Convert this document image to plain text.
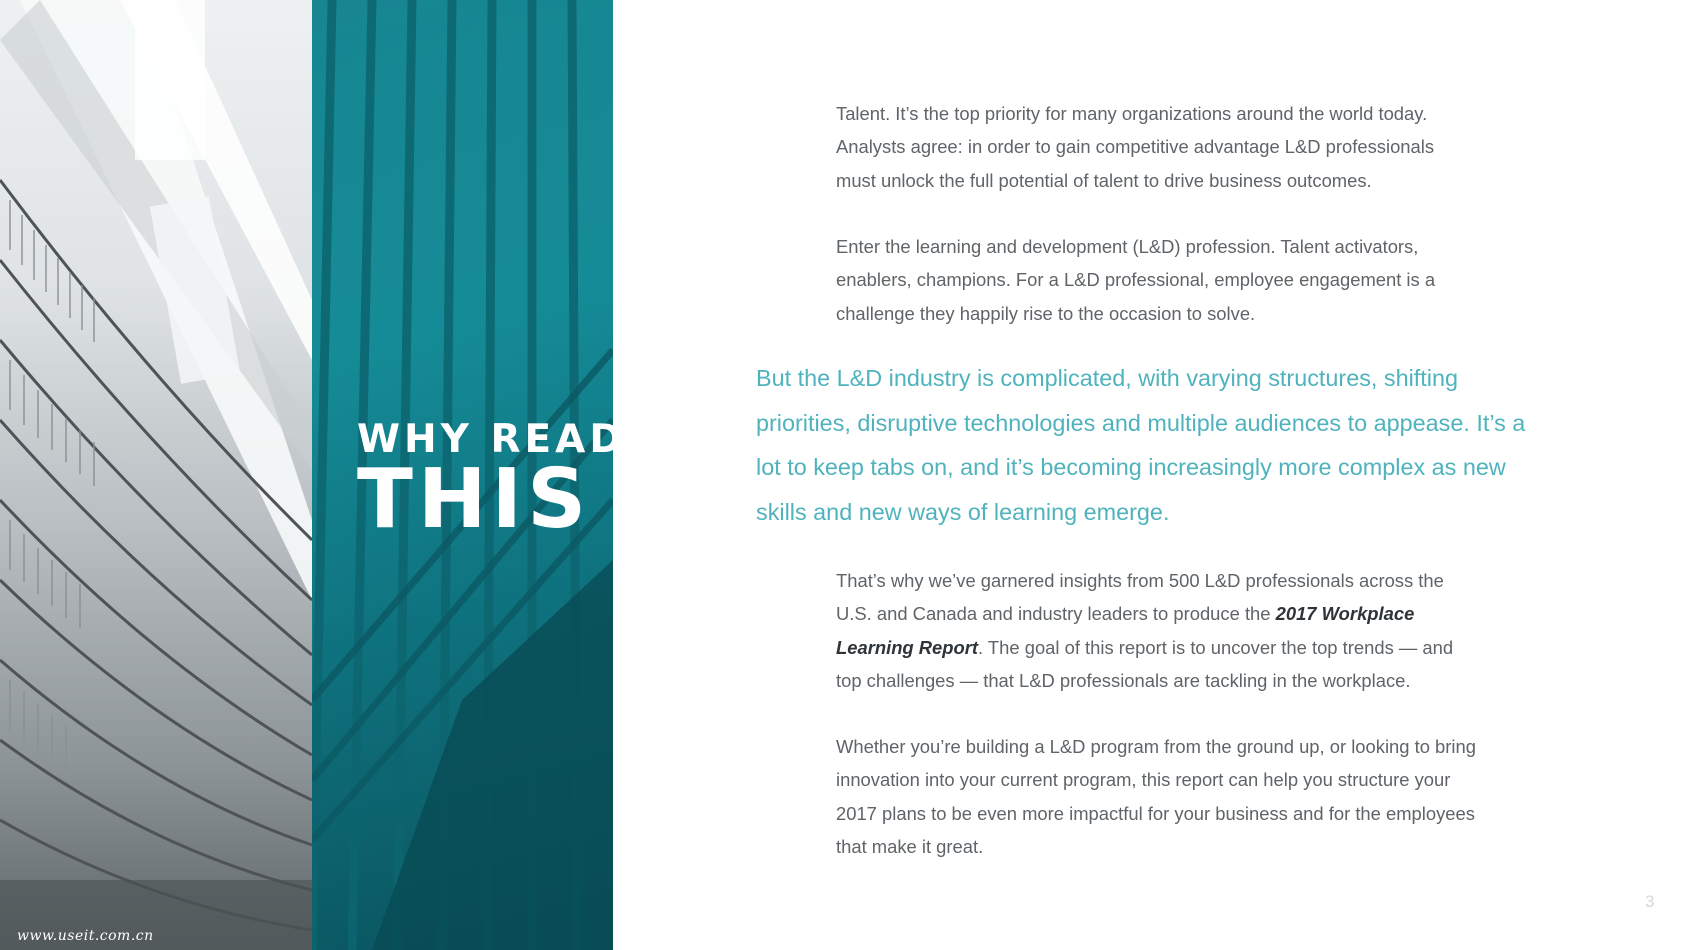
WHY READ
THIS
www.useit.com.cn

Talent. It’s the top priority for many organizations around the world today. Analysts agree: in order to gain competitive advantage L&D professionals must unlock the full potential of talent to drive business outcomes.

Enter the learning and development (L&D) profession. Talent activators, enablers, champions. For a L&D professional, employee engagement is a challenge they happily rise to the occasion to solve.

But the L&D industry is complicated, with varying structures, shifting priorities, disruptive technologies and multiple audiences to appease. It’s a lot to keep tabs on, and it’s becoming increasingly more complex as new skills and new ways of learning emerge.

That’s why we’ve garnered insights from 500 L&D professionals across the U.S. and Canada and industry leaders to produce the 2017 Workplace Learning Report. The goal of this report is to uncover the top trends — and top challenges — that L&D professionals are tackling in the workplace.

Whether you’re building a L&D program from the ground up, or looking to bring innovation into your current program, this report can help you structure your 2017 plans to be even more impactful for your business and for the employees that make it great.

3
